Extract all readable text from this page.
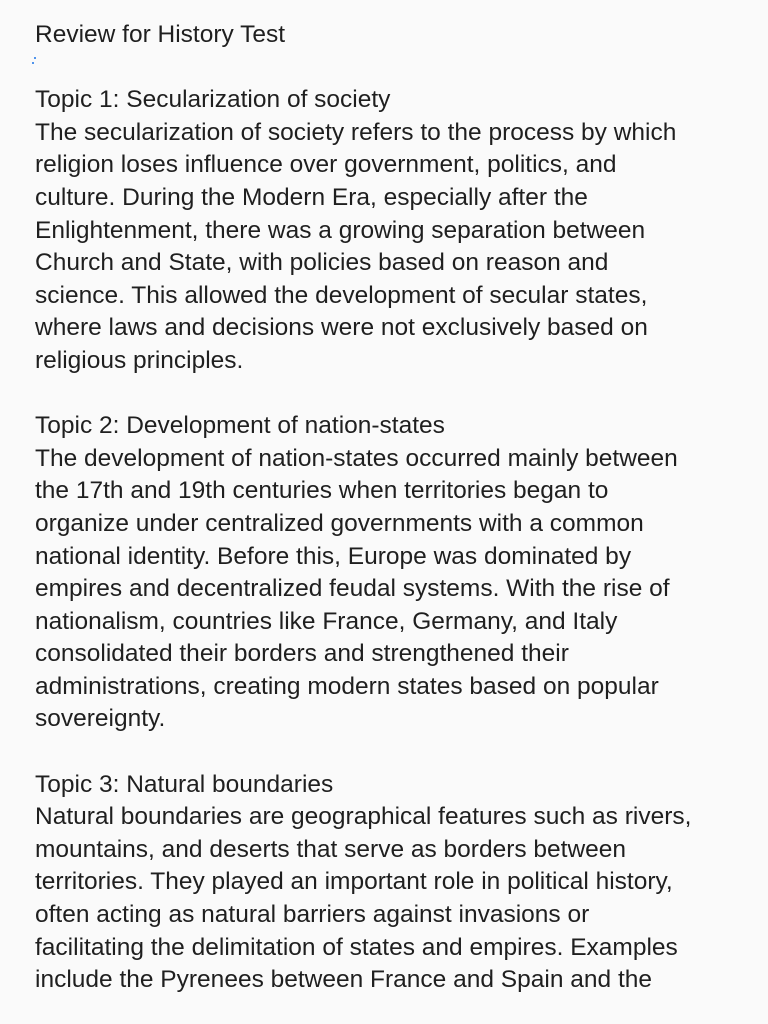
Review for History Test

Topic 1: Secularization of society
The secularization of society refers to the process by which
religion loses influence over government, politics, and
culture. During the Modern Era, especially after the
Enlightenment, there was a growing separation between
Church and State, with policies based on reason and
science. This allowed the development of secular states,
where laws and decisions were not exclusively based on
religious principles.

Topic 2: Development of nation-states
The development of nation-states occurred mainly between
the 17th and 19th centuries when territories began to
organize under centralized governments with a common
national identity. Before this, Europe was dominated by
empires and decentralized feudal systems. With the rise of
nationalism, countries like France, Germany, and Italy
consolidated their borders and strengthened their
administrations, creating modern states based on popular
sovereignty.

Topic 3: Natural boundaries
Natural boundaries are geographical features such as rivers,
mountains, and deserts that serve as borders between
territories. They played an important role in political history,
often acting as natural barriers against invasions or
facilitating the delimitation of states and empires. Examples
include the Pyrenees between France and Spain and the
